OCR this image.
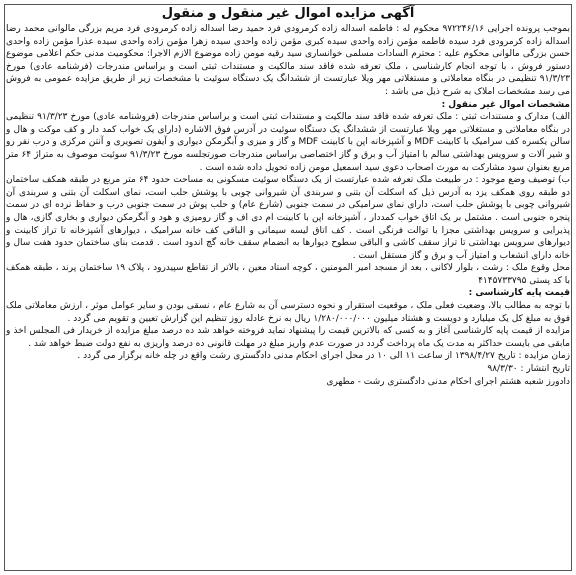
آگهی مزایده اموال غیر منقول و منقول

بموجب پرونده اجرایی ۹۷۲۲۴۶/۱۶ محکوم له : فاطمه اسداله زاده کرمرودی فرد حمید رضا اسداله زاده کرمرودی فرد مریم بزرگی مالوانی محمد رضا اسداله زاده کرمرودی فرد سیده فاطمه مؤمن زاده واحدی سیده کبری مؤمن زاده واحدی سیده زهرا مؤمن زاده واحدی سیده عذرا مؤمن زاده واحدی حسن بزرگی مالوانی محکوم علیه : محترم السادات مسلمی خوانساری سید رقیه مومن زاده موضوع الازم الاجرا: محکومیت مدنی حکم اعلامی موضوع دستور فروش ، با توجه انجام کارشناسی ، ملک تعرفه شده فاقد سند مالکیت و مستندات ثبتی است و براساس مندرجات (فرشنامه عادی) مورخ ۹۱/۳/۲۳ تنظیمی در بنگاه معاملاتی و مستغلاتی مهر ویلا عبارتست از ششدانگ یک دستگاه سوئیت با مشخصات زیر از طریق مزایده عمومی به فروش می رسد مشخصات املاک به شرح ذیل می باشد :

مشخصات اموال غیر منقول :

الف) مدارک و مستندات ثبتی : ملک تعرفه شده فاقد سند مالکیت و مستندات ثبتی است و براساس مندرجات (فروشنامه عادی) مورخ ۹۱/۳/۲۳ تنظیمی در بنگاه معاملاتی و مستغلاتی مهر ویلا عبارتست از ششدانگ یک دستگاه سوئیت در آدرس فوق الاشاره (دارای یک خواب کمد دار و کف موکت و هال و سالن یکسره کف سرامیک با کابینت MDF و آشپزخانه اپن با کابینت MDF و گاز و میزی و آبگرمکن دیواری و آیفون تصویری و آنتن مرکزی و درب نفر رو و شیر آلات و سرویس بهداشتی سالم با امتیاز آب و برق و گاز اختصاصی براساس مندرجات صورتجلسه مورخ ۹۱/۳/۲۳ سوئیت موصوف به متراژ ۶۴ متر مربع بعنوان سود مشارکت به مورث اصحاب دعوی سید اسمعیل مومن زاده تحویل داده شده است .

ب) توصیف وضع موجود : در طبیعت ملک تعرفه شده عبارتست از یک دستگاه سوئیت مسکونی به مساحت حدود ۶۴ متر مربع در طبقه همکف ساختمان دو طبقه روی همکف یزد به آدرس ذیل که اسکلت آن بتنی و سربندی آن شیروانی چوبی با پوشش حلب است، نمای اسکلت آن بتنی و سربندی آن شیروانی چوبی با پوشش حلب است، دارای نمای سرامیکی در سمت جنوبی (شارع عام) و حلب پوش در سمت جنوبی درب و حفاظ نرده ای در سمت پنجره جنوبی است . مشتمل بر یک اتاق خواب کمددار ، آشپزخانه اپن با کابینت ام دی اف و گاز رومیزی و هود و آبگرمکن دیواری و بخاری گازی، هال و پذیرایی و سرویس بهداشتی مجزا با توالت فرنگی است . کف اتاق لیسه سیمانی و الباقی کف خانه سرامیک ، دیوارهای آشپزخانه تا تراز کابینت و دیوارهای سرویس بهداشتی تا تراز سقف کاشی و الباقی سطوح دیوارها به انضمام سقف خانه گچ اندود است . قدمت بنای ساختمان حدود هفت سال و خانه دارای انشعاب و امتیاز آب و برق و گاز مستقل است .

محل وقوع ملک : رشت ، بلوار لاکانی ، بعد از مسجد امیر المومنین ، کوچه استاد معین ، بالاتر از تقاطع سپیدرود ، پلاک ۱۹ ساختمان پرند ، طبقه همکف با کد پستی ۴۱۴۵۷۳۳۷۹۵

قیمت پایه کارشناسی :

با توجه به مطالب بالا، وضعیت فعلی ملک ، موقعیت استقرار و نحوه دسترسی آن به شارع عام ، نسقی بودن و سایر عوامل موثر ، ارزش معاملاتی ملک فوق به مبلغ کل یک میلیارد و دویست و هشتاد میلیون ۱/۲۸۰/۰۰۰/۰۰۰ ریال به نرخ عادله روز تنظیم این گزارش تعیین و تقویم می گردد .

مزایده از قیمت پایه کارشناسی آغاز و به کسی که بالاترین قیمت را پیشنهاد نماید فروخته خواهد شد ده درصد مبلغ مزایده از خریدار فی المجلس اخذ و مابقی می بایست حداکثر به مدت یک ماه پرداخت گردد در صورت عدم واریز مبلغ در مهلت قانونی ده درصد واریزی به نفع دولت ضبط خواهد شد .

زمان مزایده : تاریخ ۱۳۹۸/۴/۲۷ از ساعت ۱۱ الی ۱۰ در محل اجرای احکام مدنی دادگستری رشت واقع در چله خانه برگزار می گردد .

تاریخ انتشار : ۹۸/۳/۳۰

دادورز شعبه هشتم اجرای احکام مدنی دادگستری رشت - مطهری
